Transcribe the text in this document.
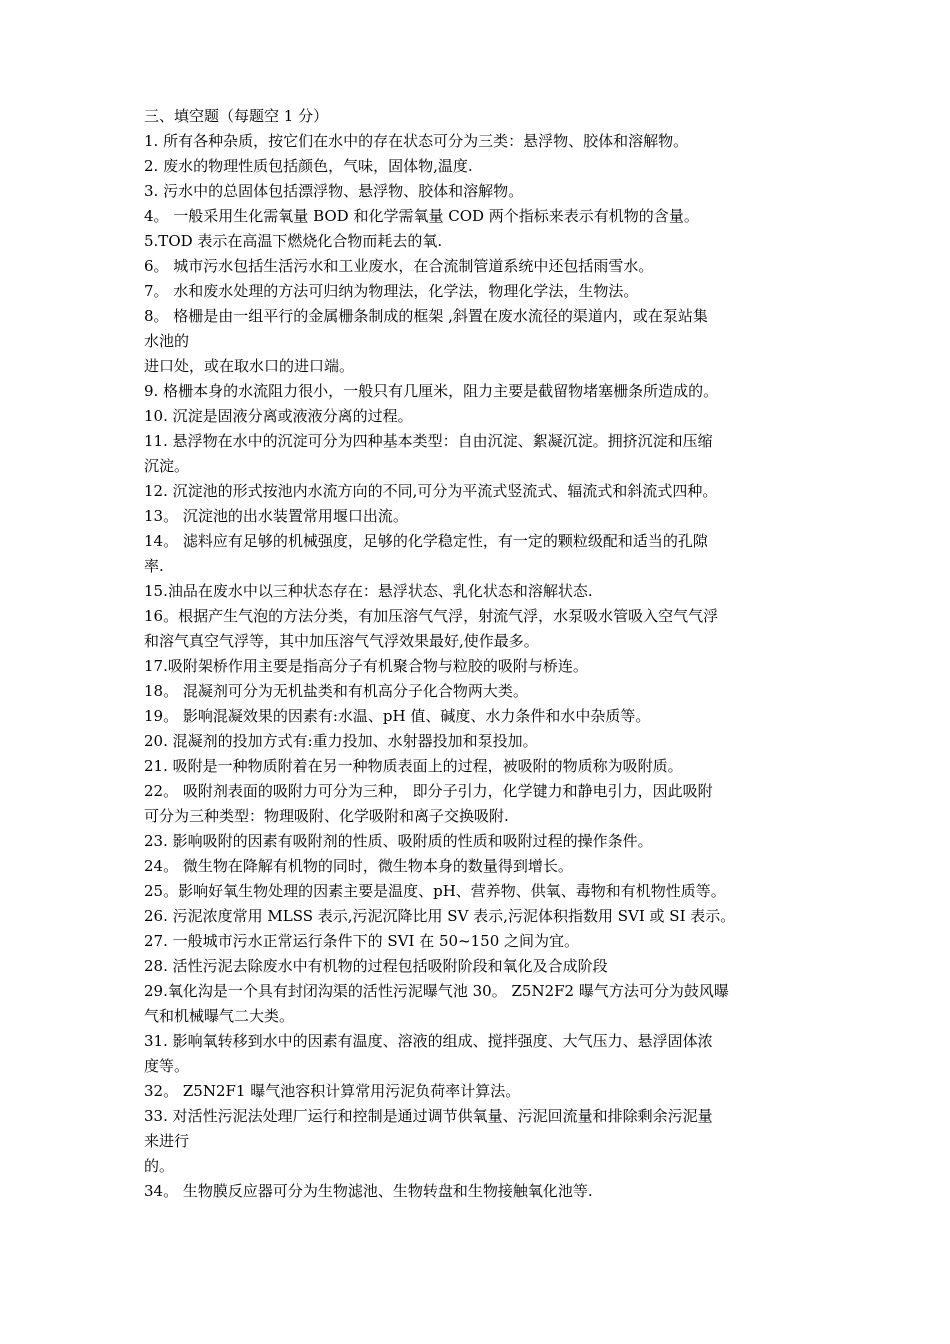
三、填空题（每题空 1 分）
1. 所有各种杂质，按它们在水中的存在状态可分为三类：悬浮物、胶体和溶解物。
2. 废水的物理性质包括颜色，气味，固体物,温度.
3. 污水中的总固体包括漂浮物、悬浮物、胶体和溶解物。
4。 一般采用生化需氧量 BOD 和化学需氧量 COD 两个指标来表示有机物的含量。
5.TOD 表示在高温下燃烧化合物而耗去的氧.
6。 城市污水包括生活污水和工业废水，在合流制管道系统中还包括雨雪水。
7。 水和废水处理的方法可归纳为物理法，化学法，物理化学法，生物法。
8。 格栅是由一组平行的金属栅条制成的框架 ,斜置在废水流径的渠道内，或在泵站集
水池的
进口处，或在取水口的进口端。
9. 格栅本身的水流阻力很小，一般只有几厘米，阻力主要是截留物堵塞栅条所造成的。
10. 沉淀是固液分离或液液分离的过程。
11. 悬浮物在水中的沉淀可分为四种基本类型：自由沉淀、絮凝沉淀。拥挤沉淀和压缩
沉淀。
12. 沉淀池的形式按池内水流方向的不同,可分为平流式竖流式、辐流式和斜流式四种。
13。 沉淀池的出水装置常用堰口出流。
14。 滤料应有足够的机械强度，足够的化学稳定性，有一定的颗粒级配和适当的孔隙
率.
15.油品在废水中以三种状态存在：悬浮状态、乳化状态和溶解状态.
16。根据产生气泡的方法分类，有加压溶气气浮，射流气浮，水泵吸水管吸入空气气浮
和溶气真空气浮等，其中加压溶气气浮效果最好,使作最多。
17.吸附架桥作用主要是指高分子有机聚合物与粒胶的吸附与桥连。
18。 混凝剂可分为无机盐类和有机高分子化合物两大类。
19。 影响混凝效果的因素有:水温、pH 值、碱度、水力条件和水中杂质等。
20. 混凝剂的投加方式有:重力投加、水射器投加和泵投加。
21. 吸附是一种物质附着在另一种物质表面上的过程，被吸附的物质称为吸附质。
22。 吸附剂表面的吸附力可分为三种， 即分子引力，化学键力和静电引力，因此吸附
可分为三种类型：物理吸附、化学吸附和离子交换吸附.
23. 影响吸附的因素有吸附剂的性质、吸附质的性质和吸附过程的操作条件。
24。 微生物在降解有机物的同时，微生物本身的数量得到增长。
25。影响好氧生物处理的因素主要是温度、pH、营养物、供氧、毒物和有机物性质等。
26. 污泥浓度常用 MLSS 表示,污泥沉降比用 SV 表示,污泥体积指数用 SVI 或 SI 表示。
27. 一般城市污水正常运行条件下的 SVI 在 50~150 之间为宜。
28. 活性污泥去除废水中有机物的过程包括吸附阶段和氧化及合成阶段
29.氧化沟是一个具有封闭沟渠的活性污泥曝气池 30。 Z5N2F2 曝气方法可分为鼓风曝
气和机械曝气二大类。
31. 影响氧转移到水中的因素有温度、溶液的组成、搅拌强度、大气压力、悬浮固体浓
度等。
32。 Z5N2F1 曝气池容积计算常用污泥负荷率计算法。
33. 对活性污泥法处理厂运行和控制是通过调节供氧量、污泥回流量和排除剩余污泥量
来进行
的。
34。 生物膜反应器可分为生物滤池、生物转盘和生物接触氧化池等.
